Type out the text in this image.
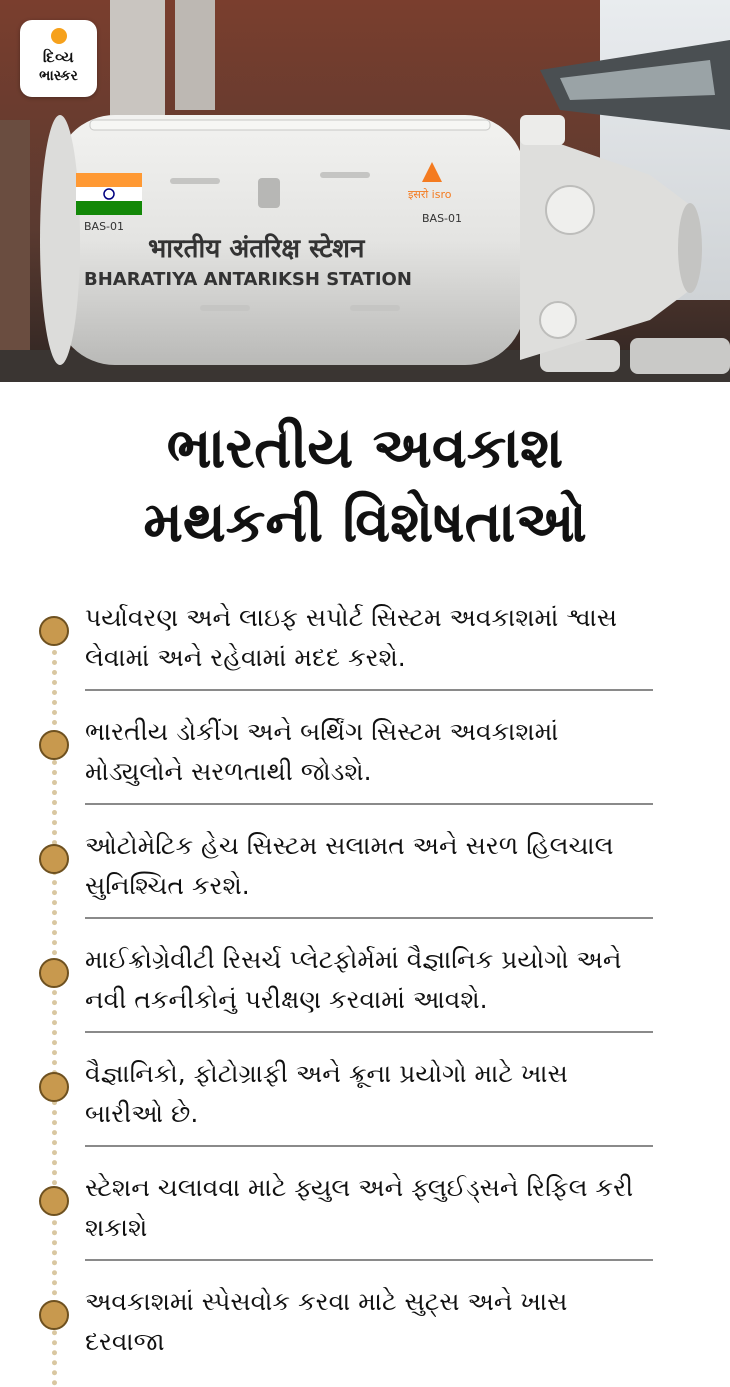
इसरो isro
BAS-01
BAS-01
भारतीय अंतरिक्ष स्टेशन
BHARATIYA ANTARIKSH STATION
દિવ્ય
ભાસ્કર
ભારતીય અવકાશ
મથકની વિશેષતાઓ
પર્યાવરણ અને લાઇફ સપોર્ટ સિસ્ટમ અવકાશમાં શ્વાસ લેવામાં અને રહેવામાં મદદ કરશે.
ભારતીય ડોકીંગ અને બર્થિંગ સિસ્ટમ અવકાશમાં મોડ્યુલોને સરળતાથી જોડશે.
ઓટોમેટિક હેચ સિસ્ટમ સલામત અને સરળ હિલચાલ સુનિશ્ચિત કરશે.
માઈક્રોગ્રેવીટી રિસર્ચ પ્લેટફોર્મમાં વૈજ્ઞાનિક પ્રયોગો અને નવી તકનીકોનું પરીક્ષણ કરવામાં આવશે.
વૈજ્ઞાનિકો, ફોટોગ્રાફી અને ક્રૂના પ્રયોગો માટે ખાસ બારીઓ છે.
સ્ટેશન ચલાવવા માટે ફ્યુલ અને ફ્લુઈડ્સને રિફિલ કરી શકાશે
અવકાશમાં સ્પેસવોક કરવા માટે સુટ્સ અને ખાસ દરવાજા
